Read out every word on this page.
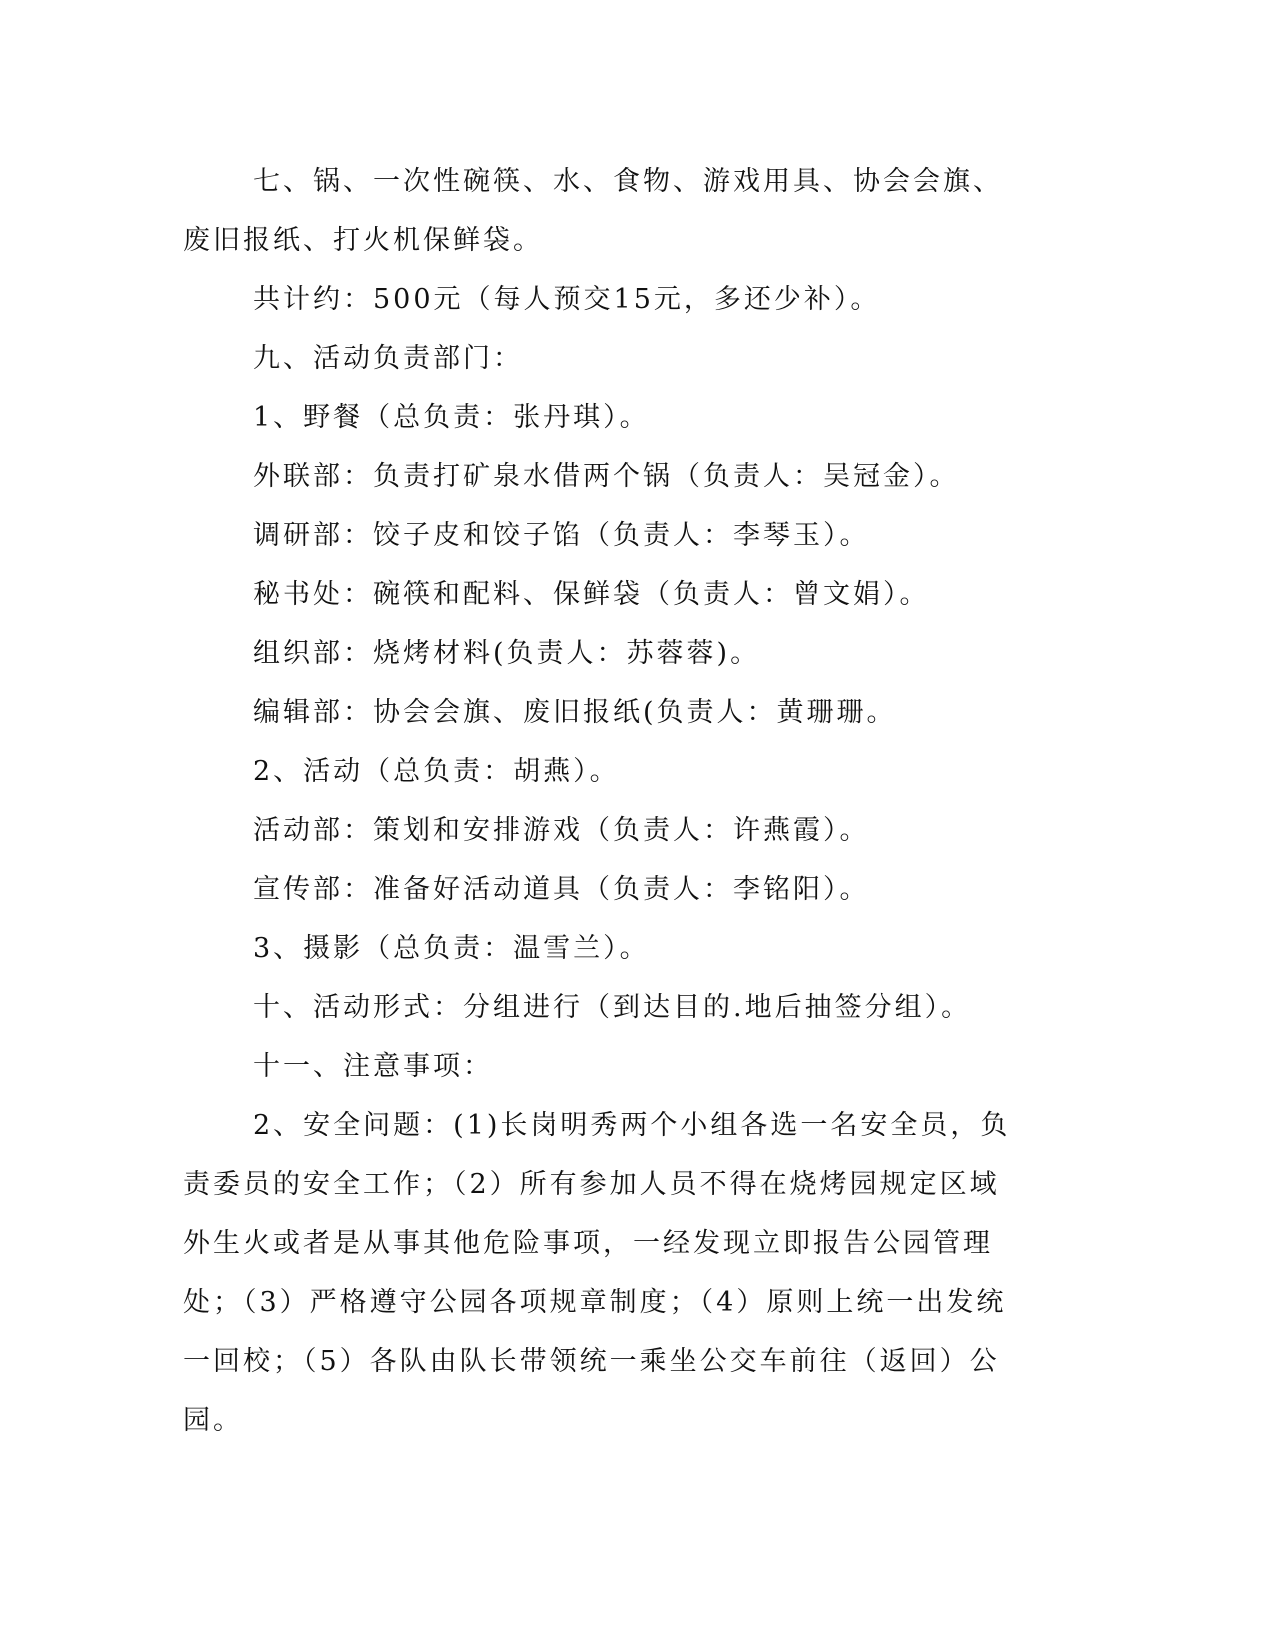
七、锅、一次性碗筷、水、食物、游戏用具、协会会旗、废旧报纸、打火机保鲜袋。

共计约：500元（每人预交15元，多还少补）。

九、活动负责部门：

1、野餐（总负责：张丹琪）。

外联部：负责打矿泉水借两个锅（负责人：吴冠金）。

调研部：饺子皮和饺子馅（负责人：李琴玉）。

秘书处：碗筷和配料、保鲜袋（负责人：曾文娟）。

组织部：烧烤材料(负责人：苏蓉蓉)。

编辑部：协会会旗、废旧报纸(负责人：黄珊珊。

2、活动（总负责：胡燕）。

活动部：策划和安排游戏（负责人：许燕霞）。

宣传部：准备好活动道具（负责人：李铭阳）。

3、摄影（总负责：温雪兰）。

十、活动形式：分组进行（到达目的.地后抽签分组）。

十一、注意事项：

2、安全问题：(1)长岗明秀两个小组各选一名安全员，负责委员的安全工作；（2）所有参加人员不得在烧烤园规定区域外生火或者是从事其他危险事项，一经发现立即报告公园管理处；（3）严格遵守公园各项规章制度；（4）原则上统一出发统一回校；（5）各队由队长带领统一乘坐公交车前往（返回）公园。
